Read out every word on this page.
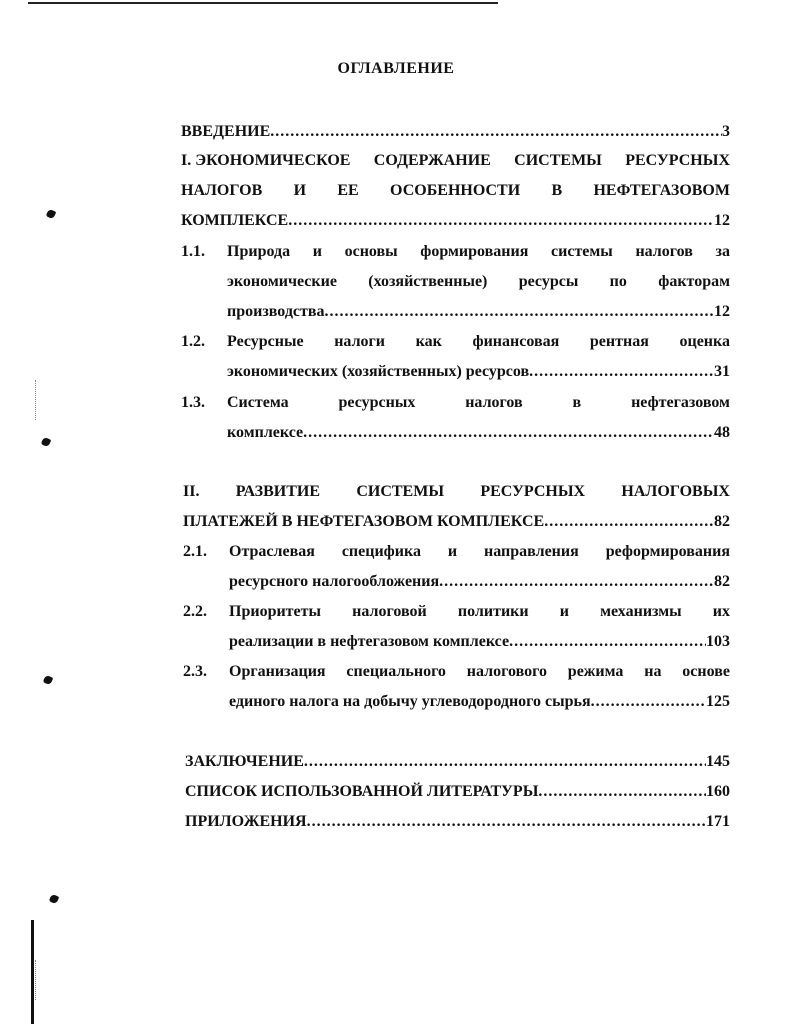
ОГЛАВЛЕНИЕ
ВВЕДЕНИЕ .....	3
I. ЭКОНОМИЧЕСКОЕ СОДЕРЖАНИЕ СИСТЕМЫ РЕСУРСНЫХ
НАЛОГОВ И ЕЕ ОСОБЕННОСТИ В НЕФТЕГАЗОВОМ
КОМПЛЕКСЕ .....	12
1.1. Природа и основы формирования системы налогов за
экономические (хозяйственные) ресурсы по факторам
производства .....	12
1.2. Ресурсные налоги как финансовая рентная оценка
экономических (хозяйственных) ресурсов .....	31
1.3. Система	ресурсных	налогов	в	нефтегазовом
комплексе .....	48
II. РАЗВИТИЕ СИСТЕМЫ РЕСУРСНЫХ НАЛОГОВЫХ
ПЛАТЕЖЕЙ В НЕФТЕГАЗОВОМ КОМПЛЕКСЕ .....	82
2.1. Отраслевая специфика и направления реформирования
ресурсного налогообложения .....	82
2.2. Приоритеты налоговой политики и механизмы их
реализации в нефтегазовом комплексе .....	103
2.3. Организация специального налогового режима на основе
единого налога на добычу углеводородного сырья .....	125
ЗАКЛЮЧЕНИЕ .....	145
СПИСОК ИСПОЛЬЗОВАННОЙ ЛИТЕРАТУРЫ .....	160
ПРИЛОЖЕНИЯ .....	171
